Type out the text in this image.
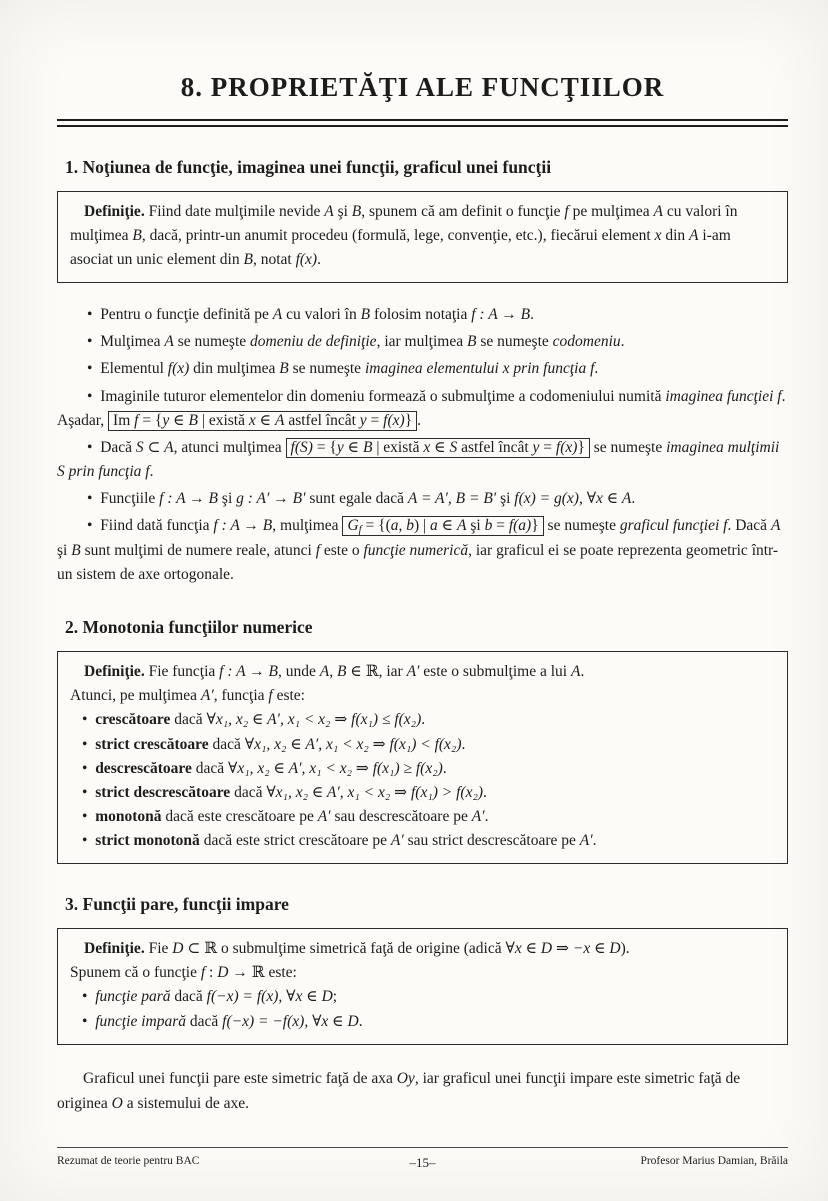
8. PROPRIETĂŢI ALE FUNCŢIILOR
1. Noţiunea de funcţie, imaginea unei funcţii, graficul unei funcţii

Definiţie. Fiind date mulţimile nevide A şi B, spunem că am definit o funcţie f pe mulţimea A cu valori în mulţimea B, dacă, printr-un anumit procedeu (formulă, lege, convenţie, etc.), fiecărui element x din A i-am asociat un unic element din B, notat f(x).

• Pentru o funcţie definită pe A cu valori în B folosim notaţia f : A → B.

• Mulţimea A se numeşte domeniu de definiţie, iar mulţimea B se numeşte codomeniu.

• Elementul f(x) din mulţimea B se numeşte imaginea elementului x prin funcţia f.

• Imaginile tuturor elementelor din domeniu formează o submulţime a codomeniului numită imaginea funcţiei f. Aşadar, Im f = {y ∈ B | există x ∈ A astfel încât y = f(x)} .

• Dacă S ⊂ A, atunci mulţimea f(S) = {y ∈ B | există x ∈ S astfel încât y = f(x)} se numeşte imaginea mulţimii S prin funcţia f.

• Funcţiile f : A → B şi g : A′ → B′ sunt egale dacă A = A′, B = B′ şi f(x) = g(x), ∀x ∈ A.

• Fiind dată funcţia f : A → B, mulţimea Gf = {(a, b) | a ∈ A şi b = f(a)} se numeşte graficul funcţiei f. Dacă A şi B sunt mulţimi de numere reale, atunci f este o funcţie numerică, iar graficul ei se poate reprezenta geometric într-un sistem de axe ortogonale.

2. Monotonia funcţiilor numerice

Definiţie. Fie funcţia f : A → B, unde A, B ∈ ℝ, iar A′ este o submulţime a lui A.

Atunci, pe mulţimea A′, funcţia f este:

• crescătoare dacă ∀x₁, x₂ ∈ A′, x₁ < x₂ ⇒ f(x₁) ≤ f(x₂).

• strict crescătoare dacă ∀x₁, x₂ ∈ A′, x₁ < x₂ ⇒ f(x₁) < f(x₂).

• descrescătoare dacă ∀x₁, x₂ ∈ A′, x₁ < x₂ ⇒ f(x₁) ≥ f(x₂).

• strict descrescătoare dacă ∀x₁, x₂ ∈ A′, x₁ < x₂ ⇒ f(x₁) > f(x₂).

• monotonă dacă este crescătoare pe A′ sau descrescătoare pe A′.

• strict monotonă dacă este strict crescătoare pe A′ sau strict descrescătoare pe A′.

3. Funcţii pare, funcţii impare

Definiţie. Fie D ⊂ ℝ o submulţime simetrică faţă de origine (adică ∀x ∈ D ⇒ −x ∈ D).

Spunem că o funcţie f : D → ℝ este:

• funcţie pară dacă f(−x) = f(x), ∀x ∈ D;

• funcţie impară dacă f(−x) = −f(x), ∀x ∈ D.

Graficul unei funcţii pare este simetric faţă de axa Oy, iar graficul unei funcţii impare este simetric faţă de originea O a sistemului de axe.

Rezumat de teorie pentru BAC	–15–	Profesor Marius Damian, Brăila
